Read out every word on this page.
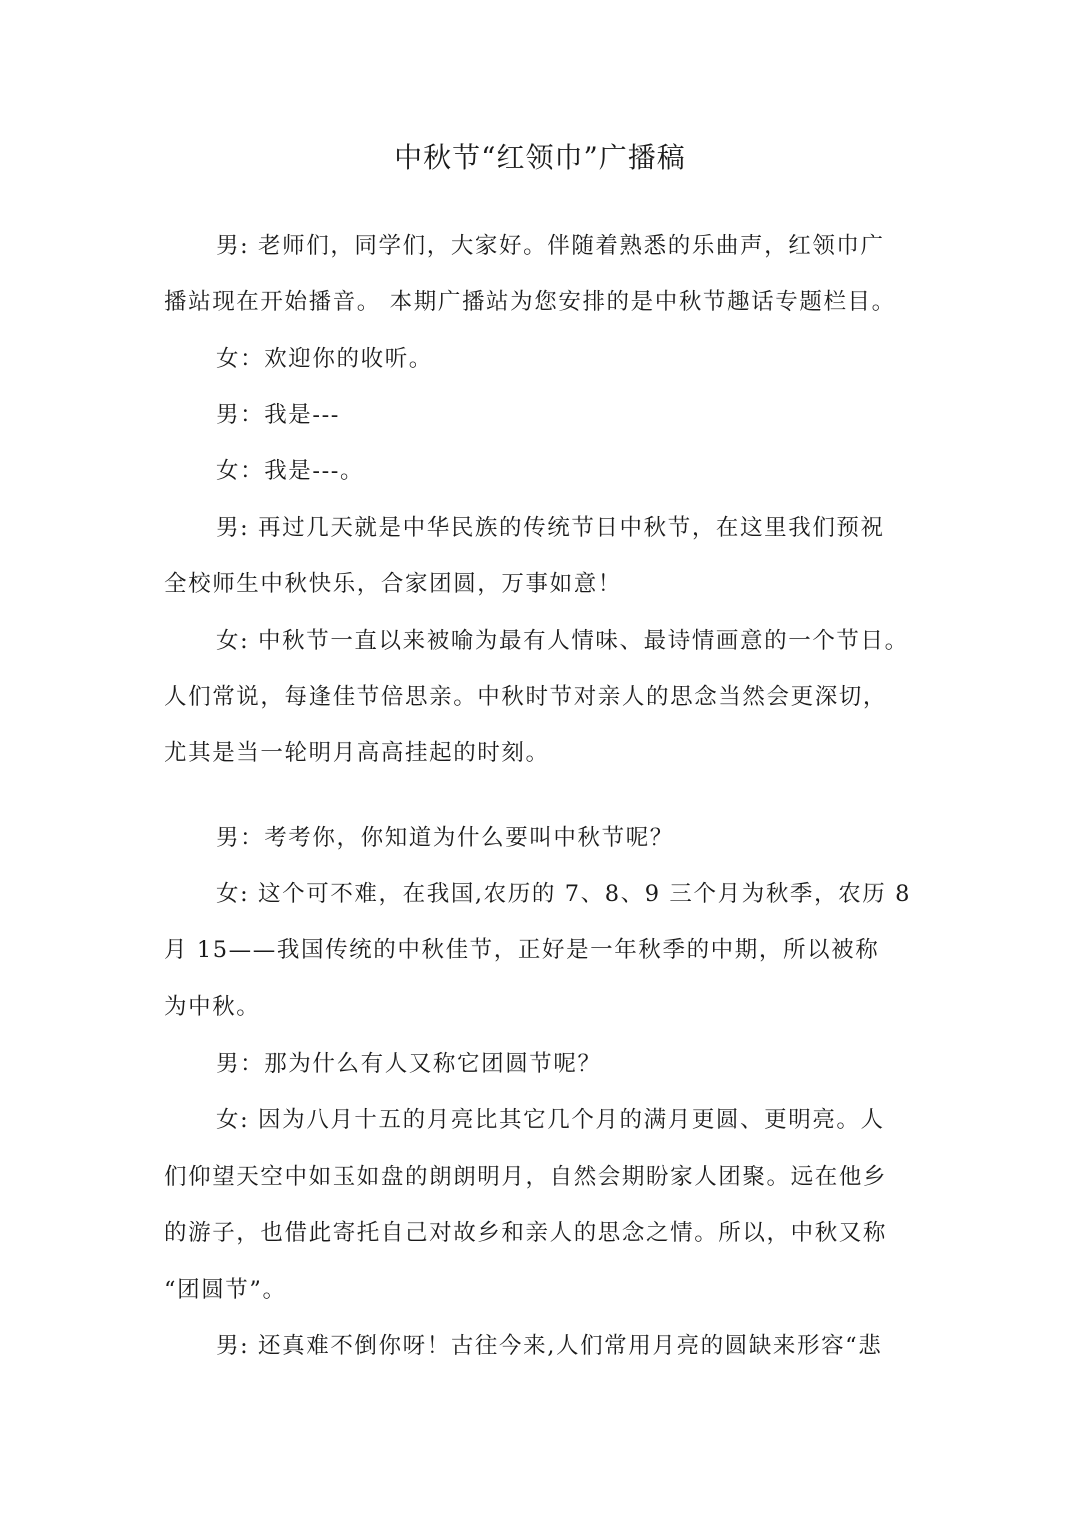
中秋节“红领巾”广播稿
男: 老师们，同学们，大家好。伴随着熟悉的乐曲声，红领巾广
播站现在开始播音。 本期广播站为您安排的是中秋节趣话专题栏目。
女：欢迎你的收听。
男：我是---
女：我是---。
男: 再过几天就是中华民族的传统节日中秋节，在这里我们预祝
全校师生中秋快乐，合家团圆，万事如意！
女: 中秋节一直以来被喻为最有人情味、最诗情画意的一个节日。
人们常说，每逢佳节倍思亲。中秋时节对亲人的思念当然会更深切，
尤其是当一轮明月高高挂起的时刻。
男：考考你，你知道为什么要叫中秋节呢？
女: 这个可不难，在我国,农历的 7、8、9 三个月为秋季，农历 8
月 15——我国传统的中秋佳节，正好是一年秋季的中期，所以被称
为中秋。
男：那为什么有人又称它团圆节呢？
女: 因为八月十五的月亮比其它几个月的满月更圆、更明亮。人
们仰望天空中如玉如盘的朗朗明月，自然会期盼家人团聚。远在他乡
的游子，也借此寄托自己对故乡和亲人的思念之情。所以，中秋又称
“团圆节”。
男: 还真难不倒你呀！古往今来,人们常用月亮的圆缺来形容“悲
